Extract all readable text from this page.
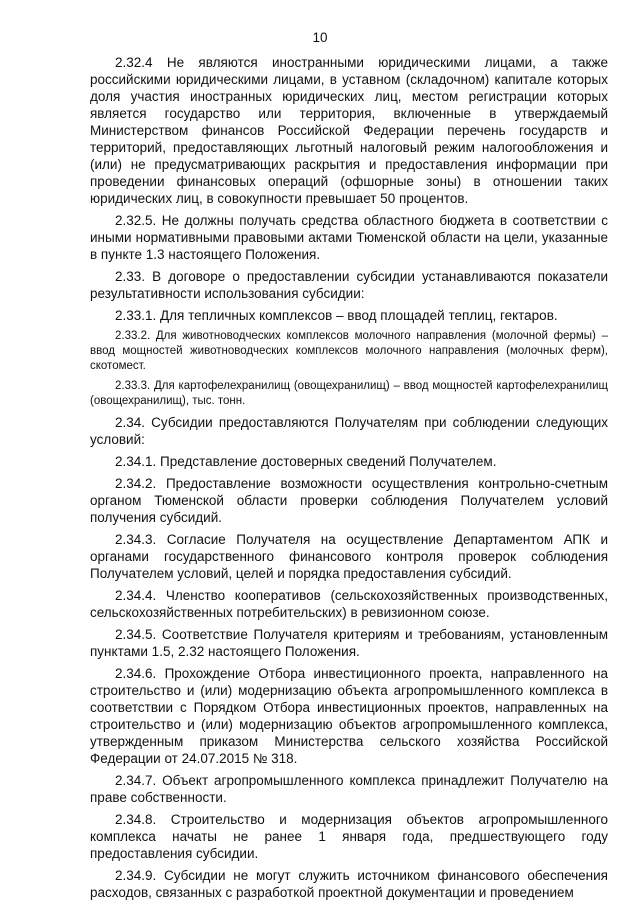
10

2.32.4 Не являются иностранными юридическими лицами, а также российскими юридическими лицами, в уставном (складочном) капитале которых доля участия иностранных юридических лиц, местом регистрации которых является государство или территория, включенные в утверждаемый Министерством финансов Российской Федерации перечень государств и территорий, предоставляющих льготный налоговый режим налогообложения и (или) не предусматривающих раскрытия и предоставления информации при проведении финансовых операций (офшорные зоны) в отношении таких юридических лиц, в совокупности превышает 50 процентов.

2.32.5. Не должны получать средства областного бюджета в соответствии с иными нормативными правовыми актами Тюменской области на цели, указанные в пункте 1.3 настоящего Положения.

2.33. В договоре о предоставлении субсидии устанавливаются показатели результативности использования субсидии:

2.33.1. Для тепличных комплексов – ввод площадей теплиц, гектаров.

2.33.2. Для животноводческих комплексов молочного направления (молочной фермы) – ввод мощностей животноводческих комплексов молочного направления (молочных ферм), скотомест.

2.33.3. Для картофелехранилищ (овощехранилищ) – ввод мощностей картофелехранилищ (овощехранилищ), тыс. тонн.

2.34. Субсидии предоставляются Получателям при соблюдении следующих условий:

2.34.1. Представление достоверных сведений Получателем.

2.34.2. Предоставление возможности осуществления контрольно-счетным органом Тюменской области проверки соблюдения Получателем условий получения субсидий.

2.34.3. Согласие Получателя на осуществление Департаментом АПК и органами государственного финансового контроля проверок соблюдения Получателем условий, целей и порядка предоставления субсидий.

2.34.4. Членство кооперативов (сельскохозяйственных производственных, сельскохозяйственных потребительских) в ревизионном союзе.

2.34.5. Соответствие Получателя критериям и требованиям, установленным пунктами 1.5, 2.32 настоящего Положения.

2.34.6. Прохождение Отбора инвестиционного проекта, направленного на строительство и (или) модернизацию объекта агропромышленного комплекса в соответствии с Порядком Отбора инвестиционных проектов, направленных на строительство и (или) модернизацию объектов агропромышленного комплекса, утвержденным приказом Министерства сельского хозяйства Российской Федерации от 24.07.2015 № 318.

2.34.7. Объект агропромышленного комплекса принадлежит Получателю на праве собственности.

2.34.8. Строительство и модернизация объектов агропромышленного комплекса начаты не ранее 1 января года, предшествующего году предоставления субсидии.

2.34.9. Субсидии не могут служить источником финансового обеспечения расходов, связанных с разработкой проектной документации и проведением
